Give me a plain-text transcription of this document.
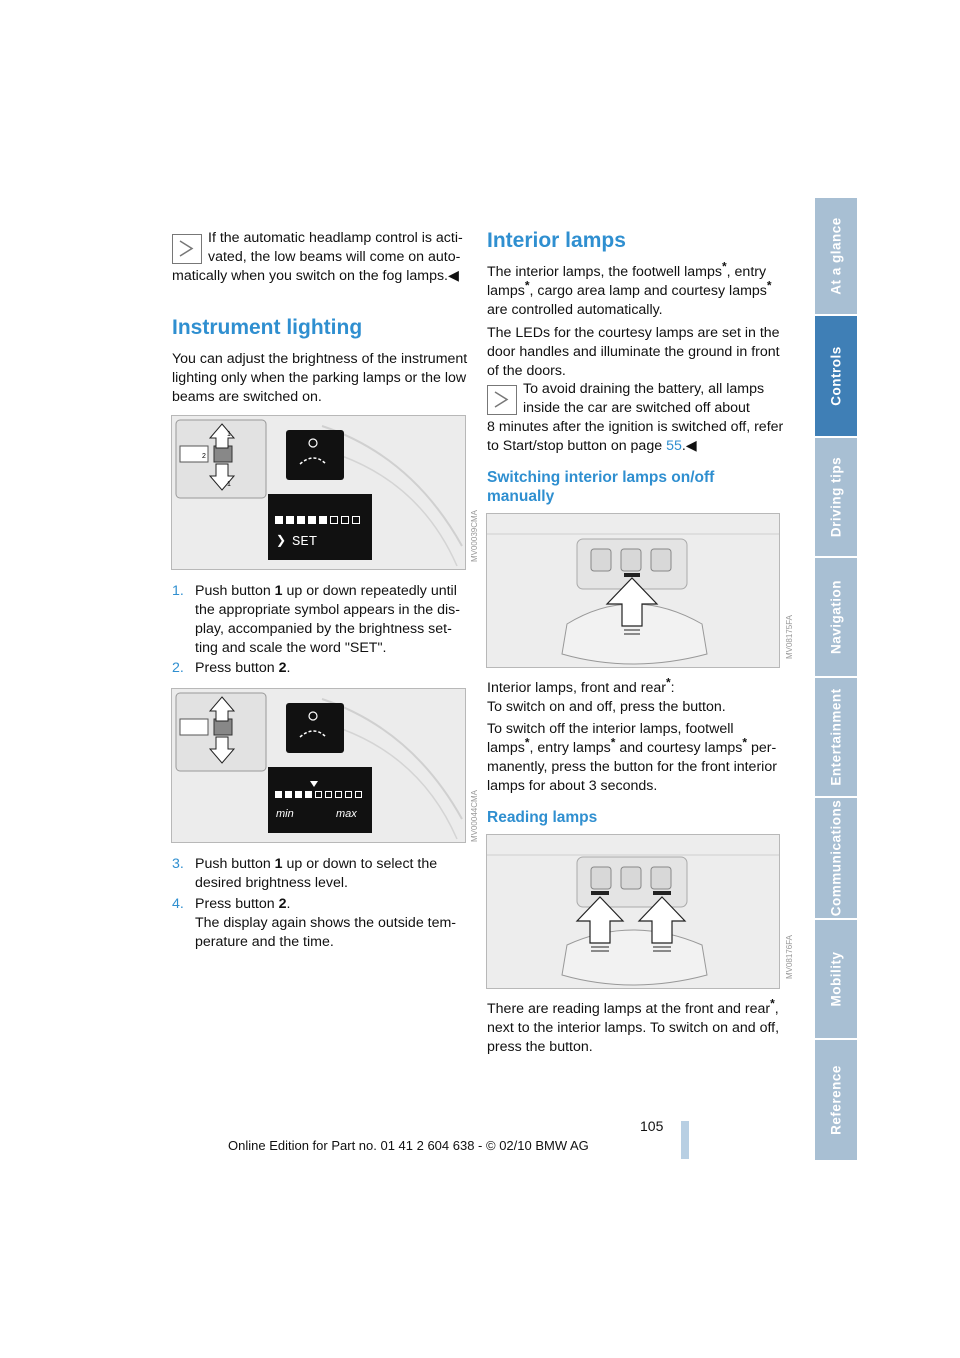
At a glance
Controls
Driving tips
Navigation
Entertainment
Communications
Mobility
Reference
If the automatic headlamp control is acti-
vated, the low beams will come on auto-
matically when you switch on the fog lamps.◀
Instrument lighting
You can adjust the brightness of the instrument
lighting only when the parking lamps or the low
beams are switched on.
1
1
2
❯ SET	MV00039CMA
1. Push button 1 up or down repeatedly until
the appropriate symbol appears in the dis-
play, accompanied by the brightness set-
ting and scale the word "SET".
2. Press button 2.
min	max	MV00044CMA
3. Push button 1 up or down to select the
desired brightness level.
4. Press button 2.
The display again shows the outside tem-
perature and the time.
Interior lamps
The interior lamps, the footwell lamps*, entry
lamps*, cargo area lamp and courtesy lamps*
are controlled automatically.
The LEDs for the courtesy lamps are set in the
door handles and illuminate the ground in front
of the doors.
To avoid draining the battery, all lamps
inside the car are switched off about
8 minutes after the ignition is switched off, refer
to Start/stop button on page 55.◀
Switching interior lamps on/off
manually
MV08175FA
Interior lamps, front and rear*:
To switch on and off, press the button.
To switch off the interior lamps, footwell
lamps*, entry lamps* and courtesy lamps* per-
manently, press the button for the front interior
lamps for about 3 seconds.
Reading lamps
MV08176FA
There are reading lamps at the front and rear*,
next to the interior lamps. To switch on and off,
press the button.
105
Online Edition for Part no. 01 41 2 604 638 - © 02/10 BMW AG
